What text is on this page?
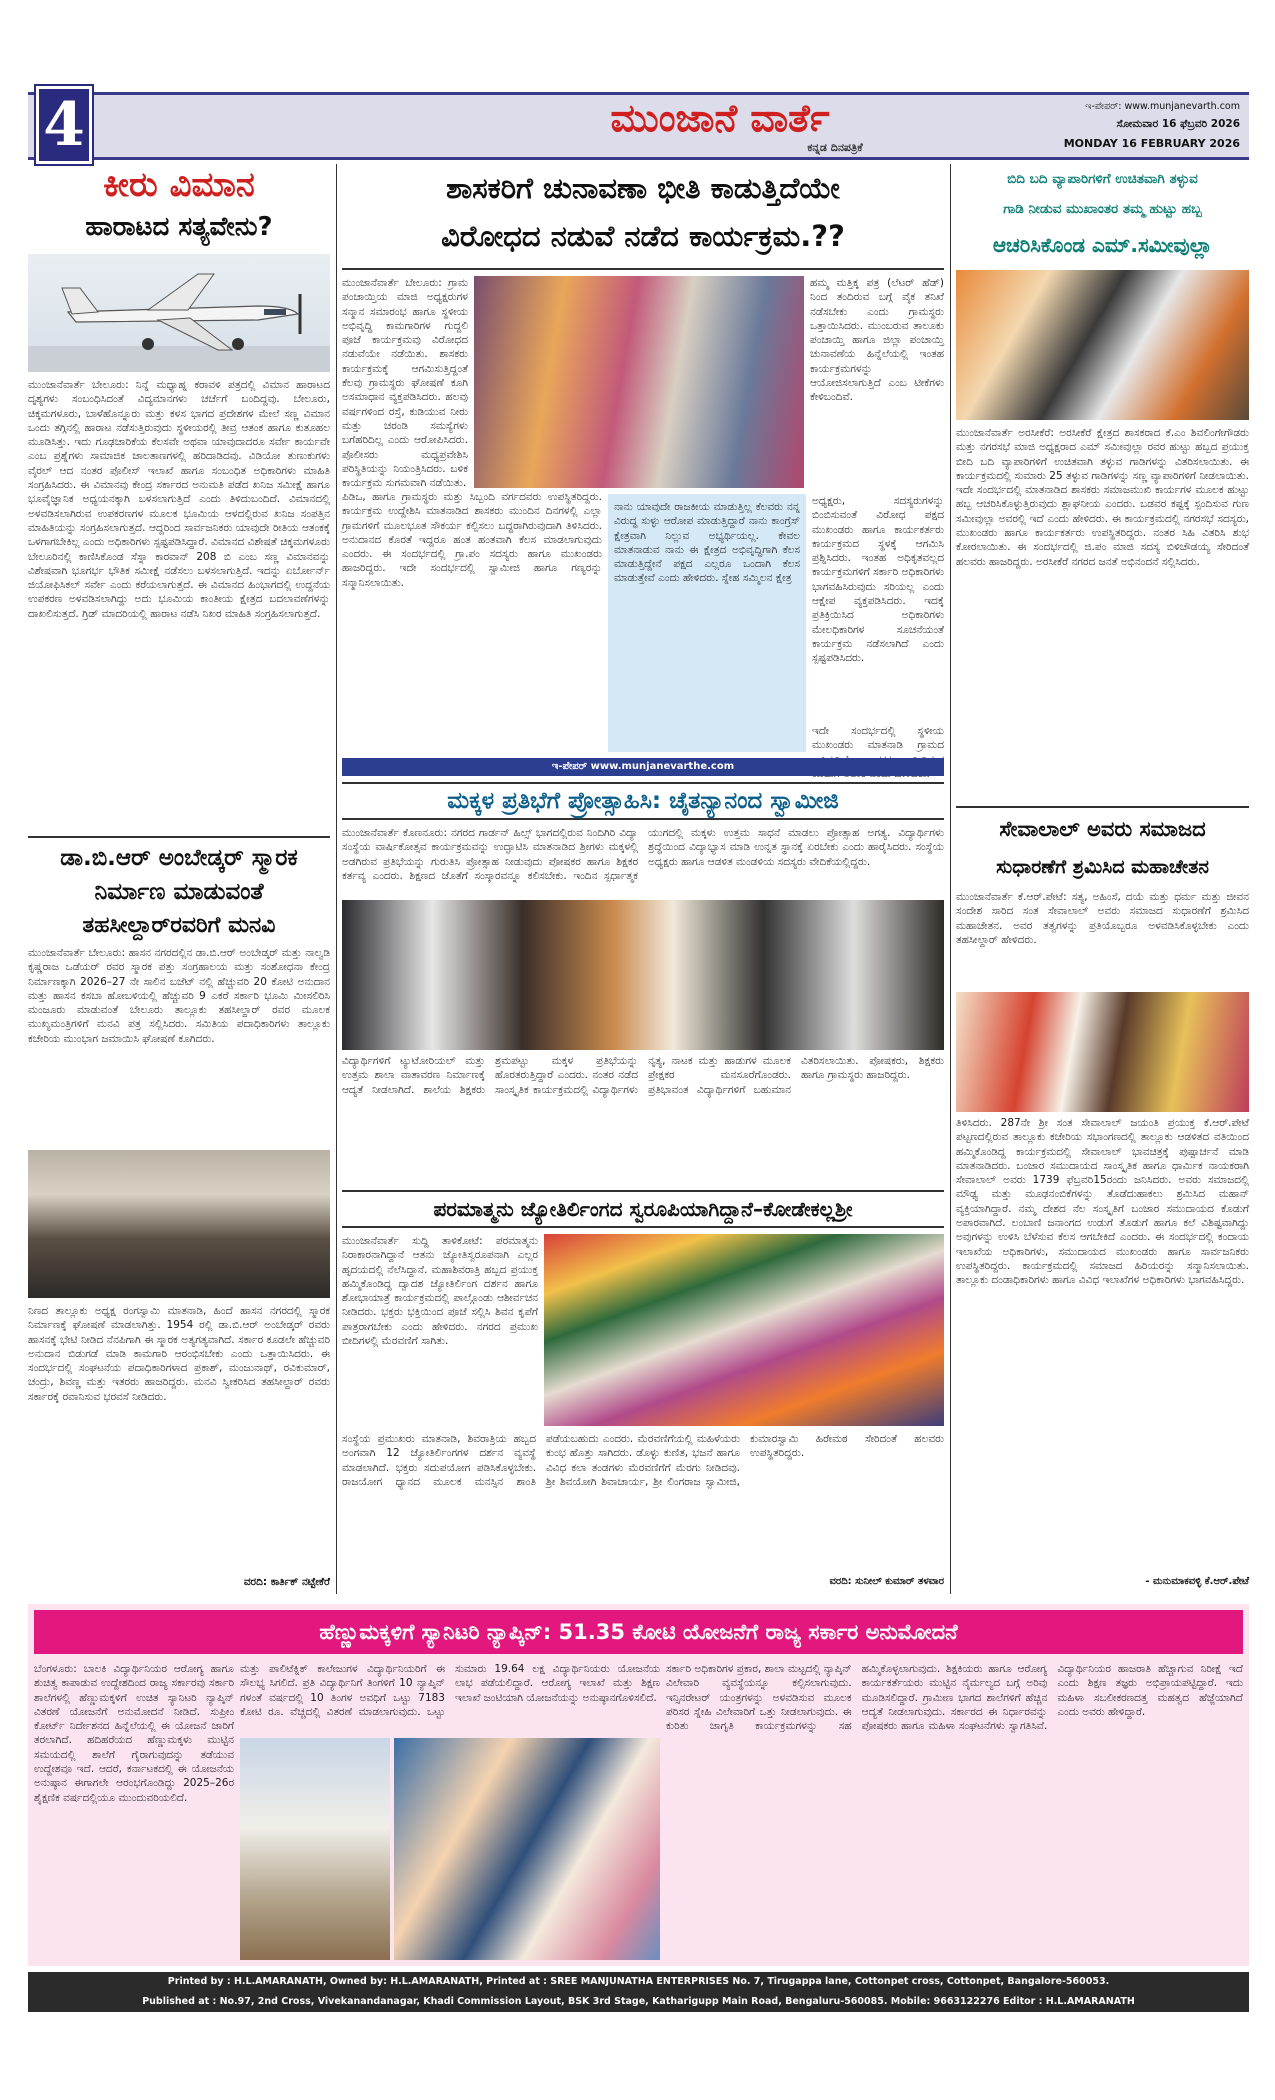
4	ಮುಂಜಾನೆ ವಾರ್ತೆ
ಕನ್ನಡ ದಿನಪತ್ರಿಕೆ
ಇ-ಪೇಪರ್: www.munjanevarth.com
ಸೋಮವಾರ 16 ಫೆಬ್ರವರಿ 2026
MONDAY 16 FEBRUARY 2026
ಕೀರು ವಿಮಾನ
ಹಾರಾಟದ ಸತ್ಯವೇನು?
ಮುಂಜಾನೆವಾರ್ತೆ ಬೇಲೂರು: ನಿನ್ನೆ ಮಧ್ಯಾಹ್ನ ಕರಾವಳಿ ಪತ್ರದಲ್ಲಿ ವಿಮಾನ ಹಾರಾಟದ ದೃಶ್ಯಗಳು ಸಂಬಂಧಿಸಿದಂತೆ ವಿದ್ಯಮಾನಗಳು ಚರ್ಚೆಗೆ ಬಂದಿದ್ದವು. ಬೇಲೂರು, ಚಿಕ್ಕಮಗಳೂರು, ಬಾಳೆಹೊನ್ನೂರು ಮತ್ತು ಕಳಸ ಭಾಗದ ಪ್ರದೇಶಗಳ ಮೇಲೆ ಸಣ್ಣ ವಿಮಾನ ಒಂದು ತಗ್ಗಿನಲ್ಲಿ ಹಾರಾಟ ನಡೆಸುತ್ತಿರುವುದು ಸ್ಥಳೀಯರಲ್ಲಿ ತೀವ್ರ ಆತಂಕ ಹಾಗೂ ಕುತೂಹಲ ಮೂಡಿಸಿತ್ತು. ಇದು ಗೂಢಚಾರಿಕೆಯ ಕೆಲಸವೇ ಅಥವಾ ಯಾವುದಾದರೂ ಸರ್ವೇ ಕಾರ್ಯವೇ ಎಂಬ ಪ್ರಶ್ನೆಗಳು ಸಾಮಾಜಿಕ ಜಾಲತಾಣಗಳಲ್ಲಿ ಹರಿದಾಡಿದವು. ವಿಡಿಯೋ ತುಣುಕುಗಳು ವೈರಲ್ ಆದ ನಂತರ ಪೊಲೀಸ್ ಇಲಾಖೆ ಹಾಗೂ ಸಂಬಂಧಿತ ಅಧಿಕಾರಿಗಳು ಮಾಹಿತಿ ಸಂಗ್ರಹಿಸಿದರು. ಈ ವಿಮಾನವು ಕೇಂದ್ರ ಸರ್ಕಾರದ ಅನುಮತಿ ಪಡೆದ ಖನಿಜ ಸಮೀಕ್ಷೆ ಹಾಗೂ ಭೂವೈಜ್ಞಾನಿಕ ಅಧ್ಯಯನಕ್ಕಾಗಿ ಬಳಸಲಾಗುತ್ತಿದೆ ಎಂದು ತಿಳಿದುಬಂದಿದೆ. ವಿಮಾನದಲ್ಲಿ ಅಳವಡಿಸಲಾಗಿರುವ ಉಪಕರಣಗಳ ಮೂಲಕ ಭೂಮಿಯ ಆಳದಲ್ಲಿರುವ ಖನಿಜ ಸಂಪತ್ತಿನ ಮಾಹಿತಿಯನ್ನು ಸಂಗ್ರಹಿಸಲಾಗುತ್ತದೆ. ಆದ್ದರಿಂದ ಸಾರ್ವಜನಿಕರು ಯಾವುದೇ ರೀತಿಯ ಆತಂಕಕ್ಕೆ ಒಳಗಾಗಬೇಕಿಲ್ಲ ಎಂದು ಅಧಿಕಾರಿಗಳು ಸ್ಪಷ್ಟಪಡಿಸಿದ್ದಾರೆ. ವಿಮಾನದ ವಿಶೇಷತೆ ಚಿಕ್ಕಮಗಳೂರು ಬೇಲೂರಿನಲ್ಲಿ ಕಾಣಿಸಿಕೊಂಡ ಸೆಸ್ನಾ ಕಾರವಾನ್ 208 ಬಿ ಎಂಬ ಸಣ್ಣ ವಿಮಾನವನ್ನು ವಿಶೇಷವಾಗಿ ಭೂಗರ್ಭ ಭೌತಿಕ ಸಮೀಕ್ಷೆ ನಡೆಸಲು ಬಳಸಲಾಗುತ್ತಿದೆ. ಇದನ್ನು ಏರ್ಬೋರ್ನ್ ಜಿಯೋಫಿಸಿಕಲ್ ಸರ್ವೇ ಎಂದು ಕರೆಯಲಾಗುತ್ತದೆ. ಈ ವಿಮಾನದ ಹಿಂಭಾಗದಲ್ಲಿ ಉದ್ದನೆಯ ಉಪಕರಣ ಅಳವಡಿಸಲಾಗಿದ್ದು ಅದು ಭೂಮಿಯ ಕಾಂತೀಯ ಕ್ಷೇತ್ರದ ಬದಲಾವಣೆಗಳನ್ನು ದಾಖಲಿಸುತ್ತದೆ. ಗ್ರಿಡ್ ಮಾದರಿಯಲ್ಲಿ ಹಾರಾಟ ನಡೆಸಿ ನಿಖರ ಮಾಹಿತಿ ಸಂಗ್ರಹಿಸಲಾಗುತ್ತದೆ.
ಡಾ.ಬಿ.ಆರ್ ಅಂಬೇಡ್ಕರ್ ಸ್ಮಾರಕ
ನಿರ್ಮಾಣ ಮಾಡುವಂತೆ
ತಹಸೀಲ್ದಾರ್‌ರವರಿಗೆ ಮನವಿ
ಮುಂಜಾನೆವಾರ್ತೆ ಬೇಲೂರು: ಹಾಸನ ನಗರದಲ್ಲಿನ ಡಾ.ಬಿ.ಆರ್ ಅಂಬೇಡ್ಕರ್ ಮತ್ತು ನಾಲ್ವಡಿ ಕೃಷ್ಣರಾಜ ಒಡೆಯರ್ ರವರ ಸ್ಮಾರಕ ಪತ್ತು ಸಂಗ್ರಹಾಲಯ ಮತ್ತು ಸಂಶೋಧನಾ ಕೇಂದ್ರ ನಿರ್ಮಾಣಕ್ಕಾಗಿ 2026–27 ನೇ ಸಾಲಿನ ಬಜೆಟ್ ನಲ್ಲಿ ಹೆಚ್ಚುವರಿ 20 ಕೋಟಿ ಅನುದಾನ ಮತ್ತು ಹಾಸನ ಕಸಬಾ ಹೋಬಳಿಯಲ್ಲಿ ಹೆಚ್ಚುವರಿ 9 ಎಕರೆ ಸರ್ಕಾರಿ ಭೂಮಿ ಮೀಸಲಿರಿಸಿ ಮಂಜೂರು ಮಾಡುವಂತೆ ಬೇಲೂರು ತಾಲ್ಲೂಕು ತಹಸೀಲ್ದಾರ್ ರವರ ಮೂಲಕ ಮುಖ್ಯಮಂತ್ರಿಗಳಿಗೆ ಮನವಿ ಪತ್ರ ಸಲ್ಲಿಸಿದರು. ಸಮಿತಿಯ ಪದಾಧಿಕಾರಿಗಳು ತಾಲ್ಲೂಕು ಕಚೇರಿಯ ಮುಂಭಾಗ ಜಮಾಯಿಸಿ ಘೋಷಣೆ ಕೂಗಿದರು.
ನಿಣದ ತಾಲ್ಲೂಕು ಅಧ್ಯಕ್ಷ ರಂಗಸ್ವಾಮಿ ಮಾತನಾಡಿ, ಹಿಂದೆ ಹಾಸನ ನಗರದಲ್ಲಿ ಸ್ಮಾರಕ ನಿರ್ಮಾಣಕ್ಕೆ ಘೋಷಣೆ ಮಾಡಲಾಗಿತ್ತು. 1954 ರಲ್ಲಿ ಡಾ.ಬಿ.ಆರ್ ಅಂಬೇಡ್ಕರ್ ರವರು ಹಾಸನಕ್ಕೆ ಭೇಟಿ ನೀಡಿದ ನೆನಪಿಗಾಗಿ ಈ ಸ್ಮಾರಕ ಅತ್ಯಗತ್ಯವಾಗಿದೆ. ಸರ್ಕಾರ ಕೂಡಲೇ ಹೆಚ್ಚುವರಿ ಅನುದಾನ ಬಿಡುಗಡೆ ಮಾಡಿ ಕಾಮಗಾರಿ ಆರಂಭಿಸಬೇಕು ಎಂದು ಒತ್ತಾಯಿಸಿದರು. ಈ ಸಂದರ್ಭದಲ್ಲಿ ಸಂಘಟನೆಯ ಪದಾಧಿಕಾರಿಗಳಾದ ಪ್ರಕಾಶ್, ಮಂಜುನಾಥ್, ರವಿಕುಮಾರ್, ಚಂದ್ರು, ಶಿವಣ್ಣ ಮತ್ತು ಇತರರು ಹಾಜರಿದ್ದರು. ಮನವಿ ಸ್ವೀಕರಿಸಿದ ತಹಸೀಲ್ದಾರ್ ರವರು ಸರ್ಕಾರಕ್ಕೆ ರವಾನಿಸುವ ಭರವಸೆ ನೀಡಿದರು.
ವರದಿ: ಕಾರ್ತಿಕ್ ನಟ್ಟೇಕೆರೆ
ಶಾಸಕರಿಗೆ ಚುನಾವಣಾ ಭೀತಿ ಕಾಡುತ್ತಿದೆಯೇ
ವಿರೋಧದ ನಡುವೆ ನಡೆದ ಕಾರ್ಯಕ್ರಮ.??
ಮುಂಜಾನೆವಾರ್ತೆ ಬೇಲೂರು: ಗ್ರಾಮ ಪಂಚಾಯ್ತಿಯ ಮಾಜಿ ಅಧ್ಯಕ್ಷರುಗಳ ಸನ್ಮಾನ ಸಮಾರಂಭ ಹಾಗೂ ಸ್ಥಳೀಯ ಅಭಿವೃದ್ಧಿ ಕಾಮಗಾರಿಗಳ ಗುದ್ದಲಿ ಪೂಜೆ ಕಾರ್ಯಕ್ರಮವು ವಿರೋಧದ ನಡುವೆಯೇ ನಡೆಯಿತು. ಶಾಸಕರು ಕಾರ್ಯಕ್ರಮಕ್ಕೆ ಆಗಮಿಸುತ್ತಿದ್ದಂತೆ ಕೆಲವು ಗ್ರಾಮಸ್ಥರು ಘೋಷಣೆ ಕೂಗಿ ಅಸಮಾಧಾನ ವ್ಯಕ್ತಪಡಿಸಿದರು. ಹಲವು ವರ್ಷಗಳಿಂದ ರಸ್ತೆ, ಕುಡಿಯುವ ನೀರು ಮತ್ತು ಚರಂಡಿ ಸಮಸ್ಯೆಗಳು ಬಗೆಹರಿದಿಲ್ಲ ಎಂದು ಆರೋಪಿಸಿದರು. ಪೊಲೀಸರು ಮಧ್ಯಪ್ರವೇಶಿಸಿ ಪರಿಸ್ಥಿತಿಯನ್ನು ನಿಯಂತ್ರಿಸಿದರು. ಬಳಿಕ ಕಾರ್ಯಕ್ರಮ ಸುಗಮವಾಗಿ ನಡೆಯಿತು.
ಹಮ್ಮ ಮತ್ತಿಕ್ಕ ಪತ್ರ (ಲೆಟರ್ ಹೆಡ್) ನಿಂದ ತಂದಿರುವ ಬಗ್ಗೆ ವೈಕ ತನಿಖೆ ನಡೆಸಬೇಕು ಎಂದು ಗ್ರಾಮಸ್ಥರು ಒತ್ತಾಯಿಸಿದರು. ಮುಂಬರುವ ತಾಲೂಕು ಪಂಚಾಯ್ತಿ ಹಾಗೂ ಜಿಲ್ಲಾ ಪಂಚಾಯ್ತಿ ಚುನಾವಣೆಯ ಹಿನ್ನೆಲೆಯಲ್ಲಿ ಇಂತಹ ಕಾರ್ಯಕ್ರಮಗಳನ್ನು ಆಯೋಜಿಸಲಾಗುತ್ತಿದೆ ಎಂಬ ಟೀಕೆಗಳು ಕೇಳಿಬಂದಿವೆ.
ಪಿಡಿಒ, ಹಾಗೂ ಗ್ರಾಮಸ್ಥರು ಮತ್ತು ಸಿಬ್ಬಂದಿ ವರ್ಗದವರು ಉಪಸ್ಥಿತರಿದ್ದರು. ಕಾರ್ಯಕ್ರಮ ಉದ್ದೇಶಿಸಿ ಮಾತನಾಡಿದ ಶಾಸಕರು ಮುಂದಿನ ದಿನಗಳಲ್ಲಿ ಎಲ್ಲಾ ಗ್ರಾಮಗಳಿಗೆ ಮೂಲಭೂತ ಸೌಕರ್ಯ ಕಲ್ಪಿಸಲು ಬದ್ಧರಾಗಿರುವುದಾಗಿ ತಿಳಿಸಿದರು. ಅನುದಾನದ ಕೊರತೆ ಇದ್ದರೂ ಹಂತ ಹಂತವಾಗಿ ಕೆಲಸ ಮಾಡಲಾಗುವುದು ಎಂದರು. ಈ ಸಂದರ್ಭದಲ್ಲಿ ಗ್ರಾ.ಪಂ ಸದಸ್ಯರು ಹಾಗೂ ಮುಖಂಡರು ಹಾಜರಿದ್ದರು. ಇದೇ ಸಂದರ್ಭದಲ್ಲಿ ಸ್ವಾಮೀಜಿ ಹಾಗೂ ಗಣ್ಯರನ್ನು ಸನ್ಮಾನಿಸಲಾಯಿತು.
ನಾನು ಯಾವುದೇ ರಾಜಕೀಯ ಮಾಡುತ್ತಿಲ್ಲ ಕೆಲವರು ನನ್ನ ವಿರುದ್ಧ ಸುಳ್ಳು ಆರೋಪ ಮಾಡುತ್ತಿದ್ದಾರೆ ನಾನು ಕಾಂಗ್ರೆಸ್ ಕ್ಷೇತ್ರವಾಗಿ ನಿಲ್ಲುವ ಅಭ್ಯರ್ಥಿಯಲ್ಲ. ಕೇವಲ ಮಾತನಾಡುವ ನಾನು ಈ ಕ್ಷೇತ್ರದ ಅಭಿವೃದ್ಧಿಗಾಗಿ ಕೆಲಸ ಮಾಡುತ್ತಿದ್ದೇನೆ ಪಕ್ಷದ ಎಲ್ಲರೂ ಒಂದಾಗಿ ಕೆಲಸ ಮಾಡುತ್ತೇವೆ ಎಂದು ಹೇಳಿದರು. ಸ್ನೇಹ ಸಮ್ಮಿಲನ ಕ್ಷೇತ್ರ
ಅಧ್ಯಕ್ಷರು, ಸದಸ್ಯರುಗಳನ್ನು ಬಿಂಬಿಸುವಂತೆ ವಿರೋಧ ಪಕ್ಷದ ಮುಖಂಡರು ಹಾಗೂ ಕಾರ್ಯಕರ್ತರು ಕಾರ್ಯಕ್ರಮದ ಸ್ಥಳಕ್ಕೆ ಆಗಮಿಸಿ ಪ್ರಶ್ನಿಸಿದರು. ಇಂತಹ ಅಧಿಕೃತವಲ್ಲದ ಕಾರ್ಯಕ್ರಮಗಳಿಗೆ ಸರ್ಕಾರಿ ಅಧಿಕಾರಿಗಳು ಭಾಗವಹಿಸಿರುವುದು ಸರಿಯಲ್ಲ ಎಂದು ಆಕ್ಷೇಪ ವ್ಯಕ್ತಪಡಿಸಿದರು. ಇದಕ್ಕೆ ಪ್ರತಿಕ್ರಿಯಿಸಿದ ಅಧಿಕಾರಿಗಳು ಮೇಲಧಿಕಾರಿಗಳ ಸೂಚನೆಯಂತೆ ಕಾರ್ಯಕ್ರಮ ನಡೆಸಲಾಗಿದೆ ಎಂದು ಸ್ಪಷ್ಟಪಡಿಸಿದರು.
ಇದೇ ಸಂದರ್ಭದಲ್ಲಿ ಸ್ಥಳೀಯ ಮುಖಂಡರು ಮಾತನಾಡಿ ಗ್ರಾಮದ
ಇ-ಪೇಪರ್ www.munjanevarthe.com
ಮಕ್ಕಳ ಪ್ರತಿಭೆಗೆ ಪ್ರೋತ್ಸಾಹಿಸಿ: ಚೈತನ್ಯಾನಂದ ಸ್ವಾಮೀಜಿ
ಮುಂಜಾನೆವಾರ್ತೆ ಕೊಣನೂರು: ನಗರದ ಗಾರ್ಡನ್ ಹಿಲ್ಸ್ ಭಾಗದಲ್ಲಿರುವ ನಿಂದಿಗಿರಿ ವಿದ್ಯಾ ಸಂಸ್ಥೆಯ ವಾರ್ಷಿಕೋತ್ಸವ ಕಾರ್ಯಕ್ರಮವನ್ನು ಉದ್ಘಾಟಿಸಿ ಮಾತನಾಡಿದ ಶ್ರೀಗಳು ಮಕ್ಕಳಲ್ಲಿ ಅಡಗಿರುವ ಪ್ರತಿಭೆಯನ್ನು ಗುರುತಿಸಿ ಪ್ರೋತ್ಸಾಹ ನೀಡುವುದು ಪೋಷಕರ ಹಾಗೂ ಶಿಕ್ಷಕರ ಕರ್ತವ್ಯ ಎಂದರು. ಶಿಕ್ಷಣದ ಜೊತೆಗೆ ಸಂಸ್ಕಾರವನ್ನೂ ಕಲಿಸಬೇಕು. ಇಂದಿನ ಸ್ಪರ್ಧಾತ್ಮಕ ಯುಗದಲ್ಲಿ ಮಕ್ಕಳು ಉತ್ತಮ ಸಾಧನೆ ಮಾಡಲು ಪ್ರೋತ್ಸಾಹ ಅಗತ್ಯ. ವಿದ್ಯಾರ್ಥಿಗಳು ಶ್ರದ್ಧೆಯಿಂದ ವಿದ್ಯಾಭ್ಯಾಸ ಮಾಡಿ ಉನ್ನತ ಸ್ಥಾನಕ್ಕೆ ಏರಬೇಕು ಎಂದು ಹಾರೈಸಿದರು. ಸಂಸ್ಥೆಯ ಅಧ್ಯಕ್ಷರು ಹಾಗೂ ಆಡಳಿತ ಮಂಡಳಿಯ ಸದಸ್ಯರು ವೇದಿಕೆಯಲ್ಲಿದ್ದರು.
ವಿದ್ಯಾರ್ಥಿಗಳಿಗೆ ಟ್ಯುಟೋರಿಯಲ್ ಮತ್ತು ಉತ್ತಮ ಶಾಲಾ ವಾತಾವರಣ ನಿರ್ಮಾಣಕ್ಕೆ ಆದ್ಯತೆ ನೀಡಲಾಗಿದೆ. ಶಾಲೆಯ ಶಿಕ್ಷಕರು ಶ್ರಮಪಟ್ಟು ಮಕ್ಕಳ ಪ್ರತಿಭೆಯನ್ನು ಹೊರತರುತ್ತಿದ್ದಾರೆ ಎಂದರು. ನಂತರ ನಡೆದ ಸಾಂಸ್ಕೃತಿಕ ಕಾರ್ಯಕ್ರಮದಲ್ಲಿ ವಿದ್ಯಾರ್ಥಿಗಳು ನೃತ್ಯ, ನಾಟಕ ಮತ್ತು ಹಾಡುಗಳ ಮೂಲಕ ಪ್ರೇಕ್ಷಕರ ಮನಸೂರೆಗೊಂಡರು. ಪ್ರತಿಭಾವಂತ ವಿದ್ಯಾರ್ಥಿಗಳಿಗೆ ಬಹುಮಾನ ವಿತರಿಸಲಾಯಿತು. ಪೋಷಕರು, ಶಿಕ್ಷಕರು ಹಾಗೂ ಗ್ರಾಮಸ್ಥರು ಹಾಜರಿದ್ದರು.
ಪರಮಾತ್ಮನು ಜ್ಯೋತಿರ್ಲಿಂಗದ ಸ್ವರೂಪಿಯಾಗಿದ್ದಾನೆ–ಕೋಡೇಕಲ್ಲಶ್ರೀ
ಮುಂಜಾನೆವಾರ್ತೆ ಸುದ್ದಿ ತಾಳಿಕೋಟೆ: ಪರಮಾತ್ಮನು ನಿರಾಕಾರನಾಗಿದ್ದಾನೆ ಆತನು ಜ್ಯೋತಿಸ್ವರೂಪನಾಗಿ ಎಲ್ಲರ ಹೃದಯದಲ್ಲಿ ನೆಲೆಸಿದ್ದಾನೆ. ಮಹಾಶಿವರಾತ್ರಿ ಹಬ್ಬದ ಪ್ರಯುಕ್ತ ಹಮ್ಮಿಕೊಂಡಿದ್ದ ದ್ವಾದಶ ಜ್ಯೋತಿರ್ಲಿಂಗ ದರ್ಶನ ಹಾಗೂ ಶೋಭಾಯಾತ್ರೆ ಕಾರ್ಯಕ್ರಮದಲ್ಲಿ ಪಾಲ್ಗೊಂಡು ಆಶೀರ್ವಚನ ನೀಡಿದರು. ಭಕ್ತರು ಭಕ್ತಿಯಿಂದ ಪೂಜೆ ಸಲ್ಲಿಸಿ ಶಿವನ ಕೃಪೆಗೆ ಪಾತ್ರರಾಗಬೇಕು ಎಂದು ಹೇಳಿದರು. ನಗರದ ಪ್ರಮುಖ ಬೀದಿಗಳಲ್ಲಿ ಮೆರವಣಿಗೆ ಸಾಗಿತು.
ಸಂಸ್ಥೆಯ ಪ್ರಮುಖರು ಮಾತನಾಡಿ, ಶಿವರಾತ್ರಿಯ ಹಬ್ಬದ ಅಂಗವಾಗಿ 12 ಜ್ಯೋತಿರ್ಲಿಂಗಗಳ ದರ್ಶನ ವ್ಯವಸ್ಥೆ ಮಾಡಲಾಗಿದೆ. ಭಕ್ತರು ಸದುಪಯೋಗ ಪಡಿಸಿಕೊಳ್ಳಬೇಕು. ರಾಜಯೋಗ ಧ್ಯಾನದ ಮೂಲಕ ಮನಸ್ಸಿನ ಶಾಂತಿ ಪಡೆಯಬಹುದು ಎಂದರು. ಮೆರವಣಿಗೆಯಲ್ಲಿ ಮಹಿಳೆಯರು ಕುಂಭ ಹೊತ್ತು ಸಾಗಿದರು. ಡೊಳ್ಳು ಕುಣಿತ, ಭಜನೆ ಹಾಗೂ ವಿವಿಧ ಕಲಾ ತಂಡಗಳು ಮೆರವಣಿಗೆಗೆ ಮೆರಗು ನೀಡಿದವು. ಶ್ರೀ ಶಿವಯೋಗಿ ಶಿವಾಚಾರ್ಯ, ಶ್ರೀ ಲಿಂಗರಾಜ ಸ್ವಾಮೀಜಿ, ಕುಮಾರಸ್ವಾಮಿ ಹಿರೇಮಠ ಸೇರಿದಂತೆ ಹಲವರು ಉಪಸ್ಥಿತರಿದ್ದರು.
ವರದಿ: ಸುನೀಲ್ ಕುಮಾರ್ ತಳವಾರ
ಬಿದಿ ಬದಿ ವ್ಯಾಪಾರಿಗಳಿಗೆ ಉಚಿತವಾಗಿ ತಳ್ಳುವ
ಗಾಡಿ ನೀಡುವ ಮುಖಾಂತರ ತಮ್ಮ ಹುಟ್ಟು ಹಬ್ಬ
ಆಚರಿಸಿಕೊಂಡ ಎಮ್.ಸಮೀವುಲ್ಲಾ
ಮುಂಜಾನೆವಾರ್ತೆ ಅರಸೀಕೆರೆ: ಅರಸೀಕೆರೆ ಕ್ಷೇತ್ರದ ಶಾಸಕರಾದ ಕೆ.ಎಂ ಶಿವಲಿಂಗೇಗೌಡರು ಮತ್ತು ನಗರಸಭೆ ಮಾಜಿ ಅಧ್ಯಕ್ಷರಾದ ಎಮ್ ಸಮೀವುಲ್ಲಾ ರವರ ಹುಟ್ಟು ಹಬ್ಬದ ಪ್ರಯುಕ್ತ ಬೀದಿ ಬದಿ ವ್ಯಾಪಾರಿಗಳಿಗೆ ಉಚಿತವಾಗಿ ತಳ್ಳುವ ಗಾಡಿಗಳನ್ನು ವಿತರಿಸಲಾಯಿತು. ಈ ಕಾರ್ಯಕ್ರಮದಲ್ಲಿ ಸುಮಾರು 25 ತಳ್ಳುವ ಗಾಡಿಗಳನ್ನು ಸಣ್ಣ ವ್ಯಾಪಾರಿಗಳಿಗೆ ನೀಡಲಾಯಿತು. ಇದೇ ಸಂದರ್ಭದಲ್ಲಿ ಮಾತನಾಡಿದ ಶಾಸಕರು ಸಮಾಜಮುಖಿ ಕಾರ್ಯಗಳ ಮೂಲಕ ಹುಟ್ಟು ಹಬ್ಬ ಆಚರಿಸಿಕೊಳ್ಳುತ್ತಿರುವುದು ಶ್ಲಾಘನೀಯ ಎಂದರು. ಬಡವರ ಕಷ್ಟಕ್ಕೆ ಸ್ಪಂದಿಸುವ ಗುಣ ಸಮೀವುಲ್ಲಾ ಅವರಲ್ಲಿ ಇದೆ ಎಂದು ಹೇಳಿದರು. ಈ ಕಾರ್ಯಕ್ರಮದಲ್ಲಿ ನಗರಸಭೆ ಸದಸ್ಯರು, ಮುಖಂಡರು ಹಾಗೂ ಕಾರ್ಯಕರ್ತರು ಉಪಸ್ಥಿತರಿದ್ದರು. ನಂತರ ಸಿಹಿ ವಿತರಿಸಿ ಶುಭ ಕೋರಲಾಯಿತು. ಈ ಸಂದರ್ಭದಲ್ಲಿ ಜಿ.ಪಂ ಮಾಜಿ ಸದಸ್ಯ ಬಿಳಿಚೌಡಯ್ಯ ಸೇರಿದಂತೆ ಹಲವರು ಹಾಜರಿದ್ದರು. ಅರಸೀಕೆರೆ ನಗರದ ಜನತೆ ಅಭಿನಂದನೆ ಸಲ್ಲಿಸಿದರು.
ಸೇವಾಲಾಲ್ ಅವರು ಸಮಾಜದ
ಸುಧಾರಣೆಗೆ ಶ್ರಮಿಸಿದ ಮಹಾಚೇತನ
ಮುಂಜಾನೆವಾರ್ತೆ ಕೆ.ಆರ್.ಪೇಟೆ: ಸತ್ಯ, ಅಹಿಂಸೆ, ದಯೆ ಮತ್ತು ಧರ್ಮ ಮತ್ತು ಜೀವನ ಸಂದೇಶ ಸಾರಿದ ಸಂತ ಸೇವಾಲಾಲ್ ಅವರು ಸಮಾಜದ ಸುಧಾರಣೆಗೆ ಶ್ರಮಿಸಿದ ಮಹಾಚೇತನ. ಅವರ ತತ್ವಗಳನ್ನು ಪ್ರತಿಯೊಬ್ಬರೂ ಅಳವಡಿಸಿಕೊಳ್ಳಬೇಕು ಎಂದು ತಹಸೀಲ್ದಾರ್ ಹೇಳಿದರು.
ತಿಳಿಸಿದರು. 287ನೇ ಶ್ರೀ ಸಂತ ಸೇವಾಲಾಲ್ ಜಯಂತಿ ಪ್ರಯುಕ್ತ ಕೆ.ಆರ್.ಪೇಟೆ ಪಟ್ಟಣದಲ್ಲಿರುವ ತಾಲ್ಲೂಕು ಕಚೇರಿಯ ಸಭಾಂಗಣದಲ್ಲಿ ತಾಲ್ಲೂಕು ಆಡಳಿತದ ವತಿಯಿಂದ ಹಮ್ಮಿಕೊಂಡಿದ್ದ ಕಾರ್ಯಕ್ರಮದಲ್ಲಿ ಸೇವಾಲಾಲ್ ಭಾವಚಿತ್ರಕ್ಕೆ ಪುಷ್ಪಾರ್ಚನೆ ಮಾಡಿ ಮಾತನಾಡಿದರು. ಬಂಜಾರ ಸಮುದಾಯದ ಸಾಂಸ್ಕೃತಿಕ ಹಾಗೂ ಧಾರ್ಮಿಕ ನಾಯಕರಾಗಿ ಸೇವಾಲಾಲ್ ಅವರು 1739 ಫೆಬ್ರವರಿ15ರಂದು ಜನಿಸಿದರು. ಅವರು ಸಮಾಜದಲ್ಲಿ ಮೌಢ್ಯ ಮತ್ತು ಮೂಢನಂಬಿಕೆಗಳನ್ನು ತೊಡೆದುಹಾಕಲು ಶ್ರಮಿಸಿದ ಮಹಾನ್ ವ್ಯಕ್ತಿಯಾಗಿದ್ದಾರೆ. ನಮ್ಮ ದೇಶದ ನೆಲ ಸಂಸ್ಕೃತಿಗೆ ಬಂಜಾರ ಸಮುದಾಯದ ಕೊಡುಗೆ ಅಪಾರವಾಗಿದೆ. ಲಂಬಾಣಿ ಜನಾಂಗದ ಉಡುಗೆ ತೊಡುಗೆ ಹಾಗೂ ಕಲೆ ವಿಶಿಷ್ಟವಾಗಿದ್ದು ಅವುಗಳನ್ನು ಉಳಿಸಿ ಬೆಳೆಸುವ ಕೆಲಸ ಆಗಬೇಕಿದೆ ಎಂದರು. ಈ ಸಂದರ್ಭದಲ್ಲಿ ಕಂದಾಯ ಇಲಾಖೆಯ ಅಧಿಕಾರಿಗಳು, ಸಮುದಾಯದ ಮುಖಂಡರು ಹಾಗೂ ಸಾರ್ವಜನಿಕರು ಉಪಸ್ಥಿತರಿದ್ದರು. ಕಾರ್ಯಕ್ರಮದಲ್ಲಿ ಸಮಾಜದ ಹಿರಿಯರನ್ನು ಸನ್ಮಾನಿಸಲಾಯಿತು. ತಾಲ್ಲೂಕು ದಂಡಾಧಿಕಾರಿಗಳು ಹಾಗೂ ವಿವಿಧ ಇಲಾಖೆಗಳ ಅಧಿಕಾರಿಗಳು ಭಾಗವಹಿಸಿದ್ದರು.
- ಮನುಮಾಕವಳ್ಳಿ ಕೆ.ಆರ್.ಪೇಟೆ
ಹೆಣ್ಣುಮಕ್ಕಳಿಗೆ ಸ್ಯಾನಿಟರಿ ನ್ಯಾಪ್ಕಿನ್: 51.35 ಕೋಟಿ ಯೋಜನೆಗೆ ರಾಜ್ಯ ಸರ್ಕಾರ ಅನುಮೋದನೆ
ಬೆಂಗಳೂರು: ಬಾಲಕಿ ವಿದ್ಯಾರ್ಥಿನಿಯರ ಆರೋಗ್ಯ ಹಾಗೂ ಶುಚಿತ್ವ ಕಾಪಾಡುವ ಉದ್ದೇಶದಿಂದ ರಾಜ್ಯ ಸರ್ಕಾರವು ಸರ್ಕಾರಿ ಶಾಲೆಗಳಲ್ಲಿ ಹೆಣ್ಣುಮಕ್ಕಳಿಗೆ ಉಚಿತ ಸ್ಯಾನಿಟರಿ ನ್ಯಾಪ್ಕಿನ್ ವಿತರಣೆ ಯೋಜನೆಗೆ ಅನುಮೋದನೆ ನೀಡಿದೆ. ಸುಪ್ರೀಂ ಕೋರ್ಟ್ ನಿರ್ದೇಶನದ ಹಿನ್ನೆಲೆಯಲ್ಲಿ ಈ ಯೋಜನೆ ಜಾರಿಗೆ ತರಲಾಗಿದೆ. ಹದಿಹರೆಯದ ಹೆಣ್ಣುಮಕ್ಕಳು ಮುಟ್ಟಿನ ಸಮಯದಲ್ಲಿ ಶಾಲೆಗೆ ಗೈರಾಗುವುದನ್ನು ತಡೆಯುವ ಉದ್ದೇಶವೂ ಇದೆ. ಆದರೆ, ಕರ್ನಾಟಕದಲ್ಲಿ ಈ ಯೋಜನೆಯ ಅನುಷ್ಠಾನ ಈಗಾಗಲೇ ಆರಂಭಗೊಂಡಿದ್ದು 2025–26ರ ಶೈಕ್ಷಣಿಕ ವರ್ಷದಲ್ಲಿಯೂ ಮುಂದುವರಿಯಲಿದೆ.
ಮತ್ತು ಪಾಲಿಟೆಕ್ನಿಕ್ ಕಾಲೇಜುಗಳ ವಿದ್ಯಾರ್ಥಿನಿಯರಿಗೆ ಈ ಸೌಲಭ್ಯ ಸಿಗಲಿದೆ. ಪ್ರತಿ ವಿದ್ಯಾರ್ಥಿನಿಗೆ ತಿಂಗಳಿಗೆ 10 ನ್ಯಾಪ್ಕಿನ್ ಗಳಂತೆ ವರ್ಷದಲ್ಲಿ 10 ತಿಂಗಳ ಅವಧಿಗೆ ಒಟ್ಟು 7183 ಕೋಟಿ ರೂ. ವೆಚ್ಚದಲ್ಲಿ ವಿತರಣೆ ಮಾಡಲಾಗುವುದು. ಒಟ್ಟು ಸುಮಾರು 19.64 ಲಕ್ಷ ವಿದ್ಯಾರ್ಥಿನಿಯರು ಯೋಜನೆಯ ಲಾಭ ಪಡೆಯಲಿದ್ದಾರೆ. ಆರೋಗ್ಯ ಇಲಾಖೆ ಮತ್ತು ಶಿಕ್ಷಣ ಇಲಾಖೆ ಜಂಟಿಯಾಗಿ ಯೋಜನೆಯನ್ನು ಅನುಷ್ಠಾನಗೊಳಿಸಲಿದೆ.
ಸರ್ಕಾರಿ ಅಧಿಕಾರಿಗಳ ಪ್ರಕಾರ, ಶಾಲಾ ಮಟ್ಟದಲ್ಲಿ ನ್ಯಾಪ್ಕಿನ್ ವಿಲೇವಾರಿ ವ್ಯವಸ್ಥೆಯನ್ನೂ ಕಲ್ಪಿಸಲಾಗುವುದು. ಇನ್ಸಿನರೇಟರ್ ಯಂತ್ರಗಳನ್ನು ಅಳವಡಿಸುವ ಮೂಲಕ ಪರಿಸರ ಸ್ನೇಹಿ ವಿಲೇವಾರಿಗೆ ಒತ್ತು ನೀಡಲಾಗುವುದು. ಈ ಕುರಿತು ಜಾಗೃತಿ ಕಾರ್ಯಕ್ರಮಗಳನ್ನು ಸಹ ಹಮ್ಮಿಕೊಳ್ಳಲಾಗುವುದು. ಶಿಕ್ಷಕಿಯರು ಹಾಗೂ ಆರೋಗ್ಯ ಕಾರ್ಯಕರ್ತೆಯರು ಮುಟ್ಟಿನ ನೈರ್ಮಲ್ಯದ ಬಗ್ಗೆ ಅರಿವು ಮೂಡಿಸಲಿದ್ದಾರೆ. ಗ್ರಾಮೀಣ ಭಾಗದ ಶಾಲೆಗಳಿಗೆ ಹೆಚ್ಚಿನ ಆದ್ಯತೆ ನೀಡಲಾಗುವುದು. ಸರ್ಕಾರದ ಈ ನಿರ್ಧಾರವನ್ನು ಪೋಷಕರು ಹಾಗೂ ಮಹಿಳಾ ಸಂಘಟನೆಗಳು ಸ್ವಾಗತಿಸಿವೆ. ವಿದ್ಯಾರ್ಥಿನಿಯರ ಹಾಜರಾತಿ ಹೆಚ್ಚಾಗುವ ನಿರೀಕ್ಷೆ ಇದೆ ಎಂದು ಶಿಕ್ಷಣ ತಜ್ಞರು ಅಭಿಪ್ರಾಯಪಟ್ಟಿದ್ದಾರೆ. ಇದು ಮಹಿಳಾ ಸಬಲೀಕರಣದತ್ತ ಮಹತ್ವದ ಹೆಜ್ಜೆಯಾಗಿದೆ ಎಂದು ಅವರು ಹೇಳಿದ್ದಾರೆ.
Printed by : H.L.AMARANATH, Owned by: H.L.AMARANATH, Printed at : SREE MANJUNATHA ENTERPRISES No. 7, Tirugappa lane, Cottonpet cross, Cottonpet, Bangalore-560053.
Published at : No.97, 2nd Cross, Vivekanandanagar, Khadi Commission Layout, BSK 3rd Stage, Katharigupp Main Road, Bengaluru-560085. Mobile: 9663122276 Editor : H.L.AMARANATH
